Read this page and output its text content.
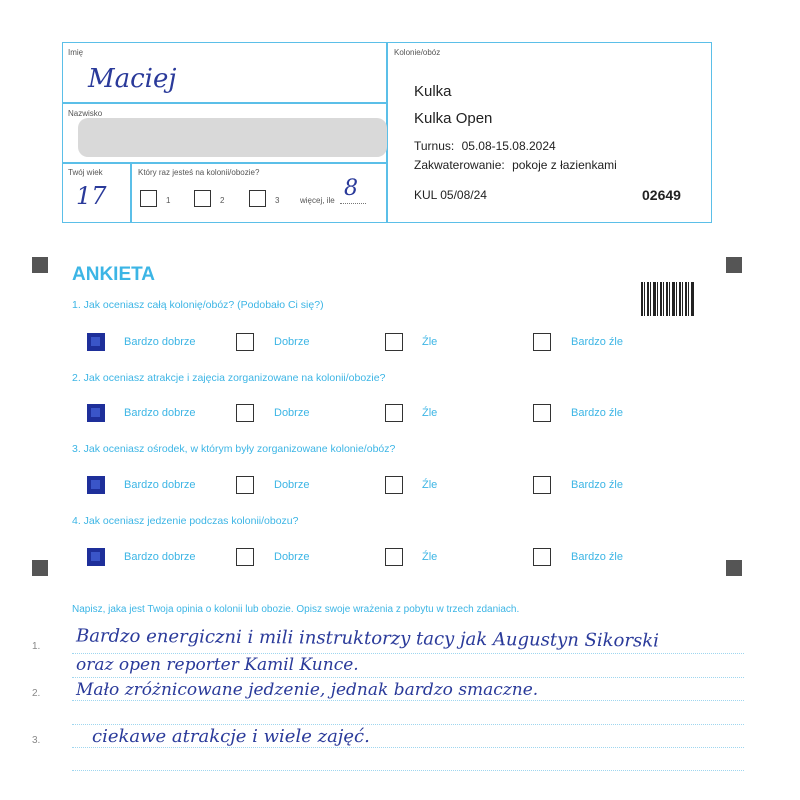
Imię
Maciej
Nazwisko
Twój wiek
17
Który raz jesteś na kolonii/obozie?
1	2	3	więcej, ile 8
Kolonie/obóz
Kulka
Kulka Open
Turnus: 05.08-15.08.2024
Zakwaterowanie: pokoje z łazienkami
KUL 05/08/24	02649
ANKIETA
1. Jak oceniasz całą kolonię/obóz? (Podobało Ci się?)
2. Jak oceniasz atrakcje i zajęcia zorganizowane na kolonii/obozie?
3. Jak oceniasz ośrodek, w którym były zorganizowane kolonie/obóz?
4. Jak oceniasz jedzenie podczas kolonii/obozu?
Bardzo dobrze	Dobrze	Źle	Bardzo źle
Bardzo dobrze	Dobrze	Źle	Bardzo źle
Bardzo dobrze	Dobrze	Źle	Bardzo źle
Bardzo dobrze	Dobrze	Źle	Bardzo źle
Napisz, jaka jest Twoja opinia o kolonii lub obozie. Opisz swoje wrażenia z pobytu w trzech zdaniach.
1.
2.
3.
Bardzo energiczni i mili instruktorzy tacy jak Augustyn Sikorski
oraz open reporter Kamil Kunce.
Mało zróżnicowane jedzenie, jednak bardzo smaczne.
ciekawe atrakcje i wiele zajęć.
